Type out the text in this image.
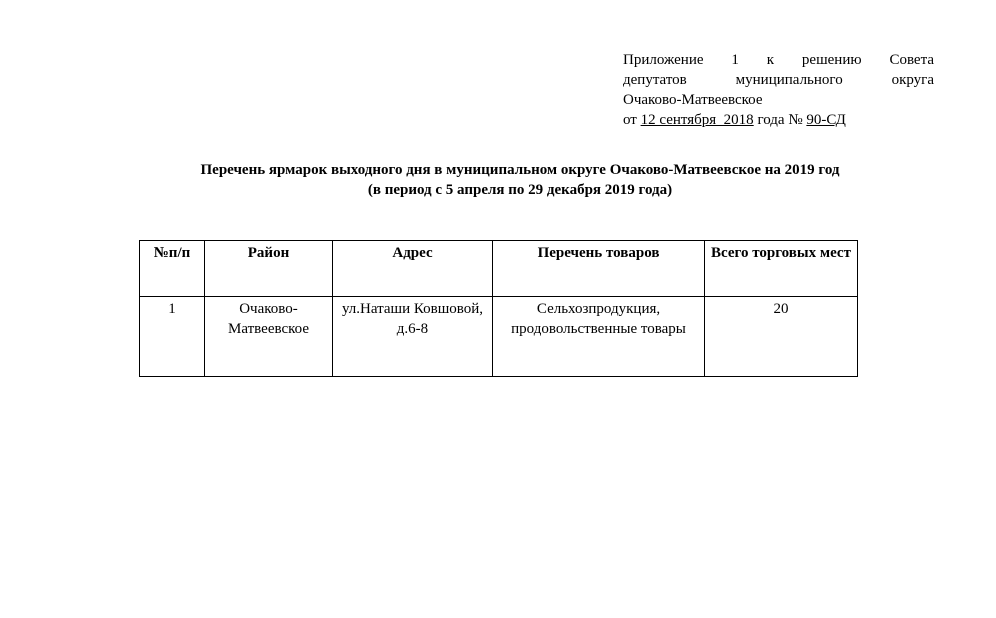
Приложение 1 к решению Совета
депутатов муниципального округа
Очаково-Матвеевское
от 12 сентября  2018 года № 90-СД
Перечень ярмарок выходного дня в муниципальном округе Очаково-Матвеевское на 2019 год
(в период с 5 апреля по 29 декабря 2019 года)
№п/п	Район	Адрес	Перечень товаров	Всего торговых мест
1	Очаково-Матвеевское	ул.Наташи Ковшовой, д.6-8	Сельхозпродукция, продовольственные товары	20
